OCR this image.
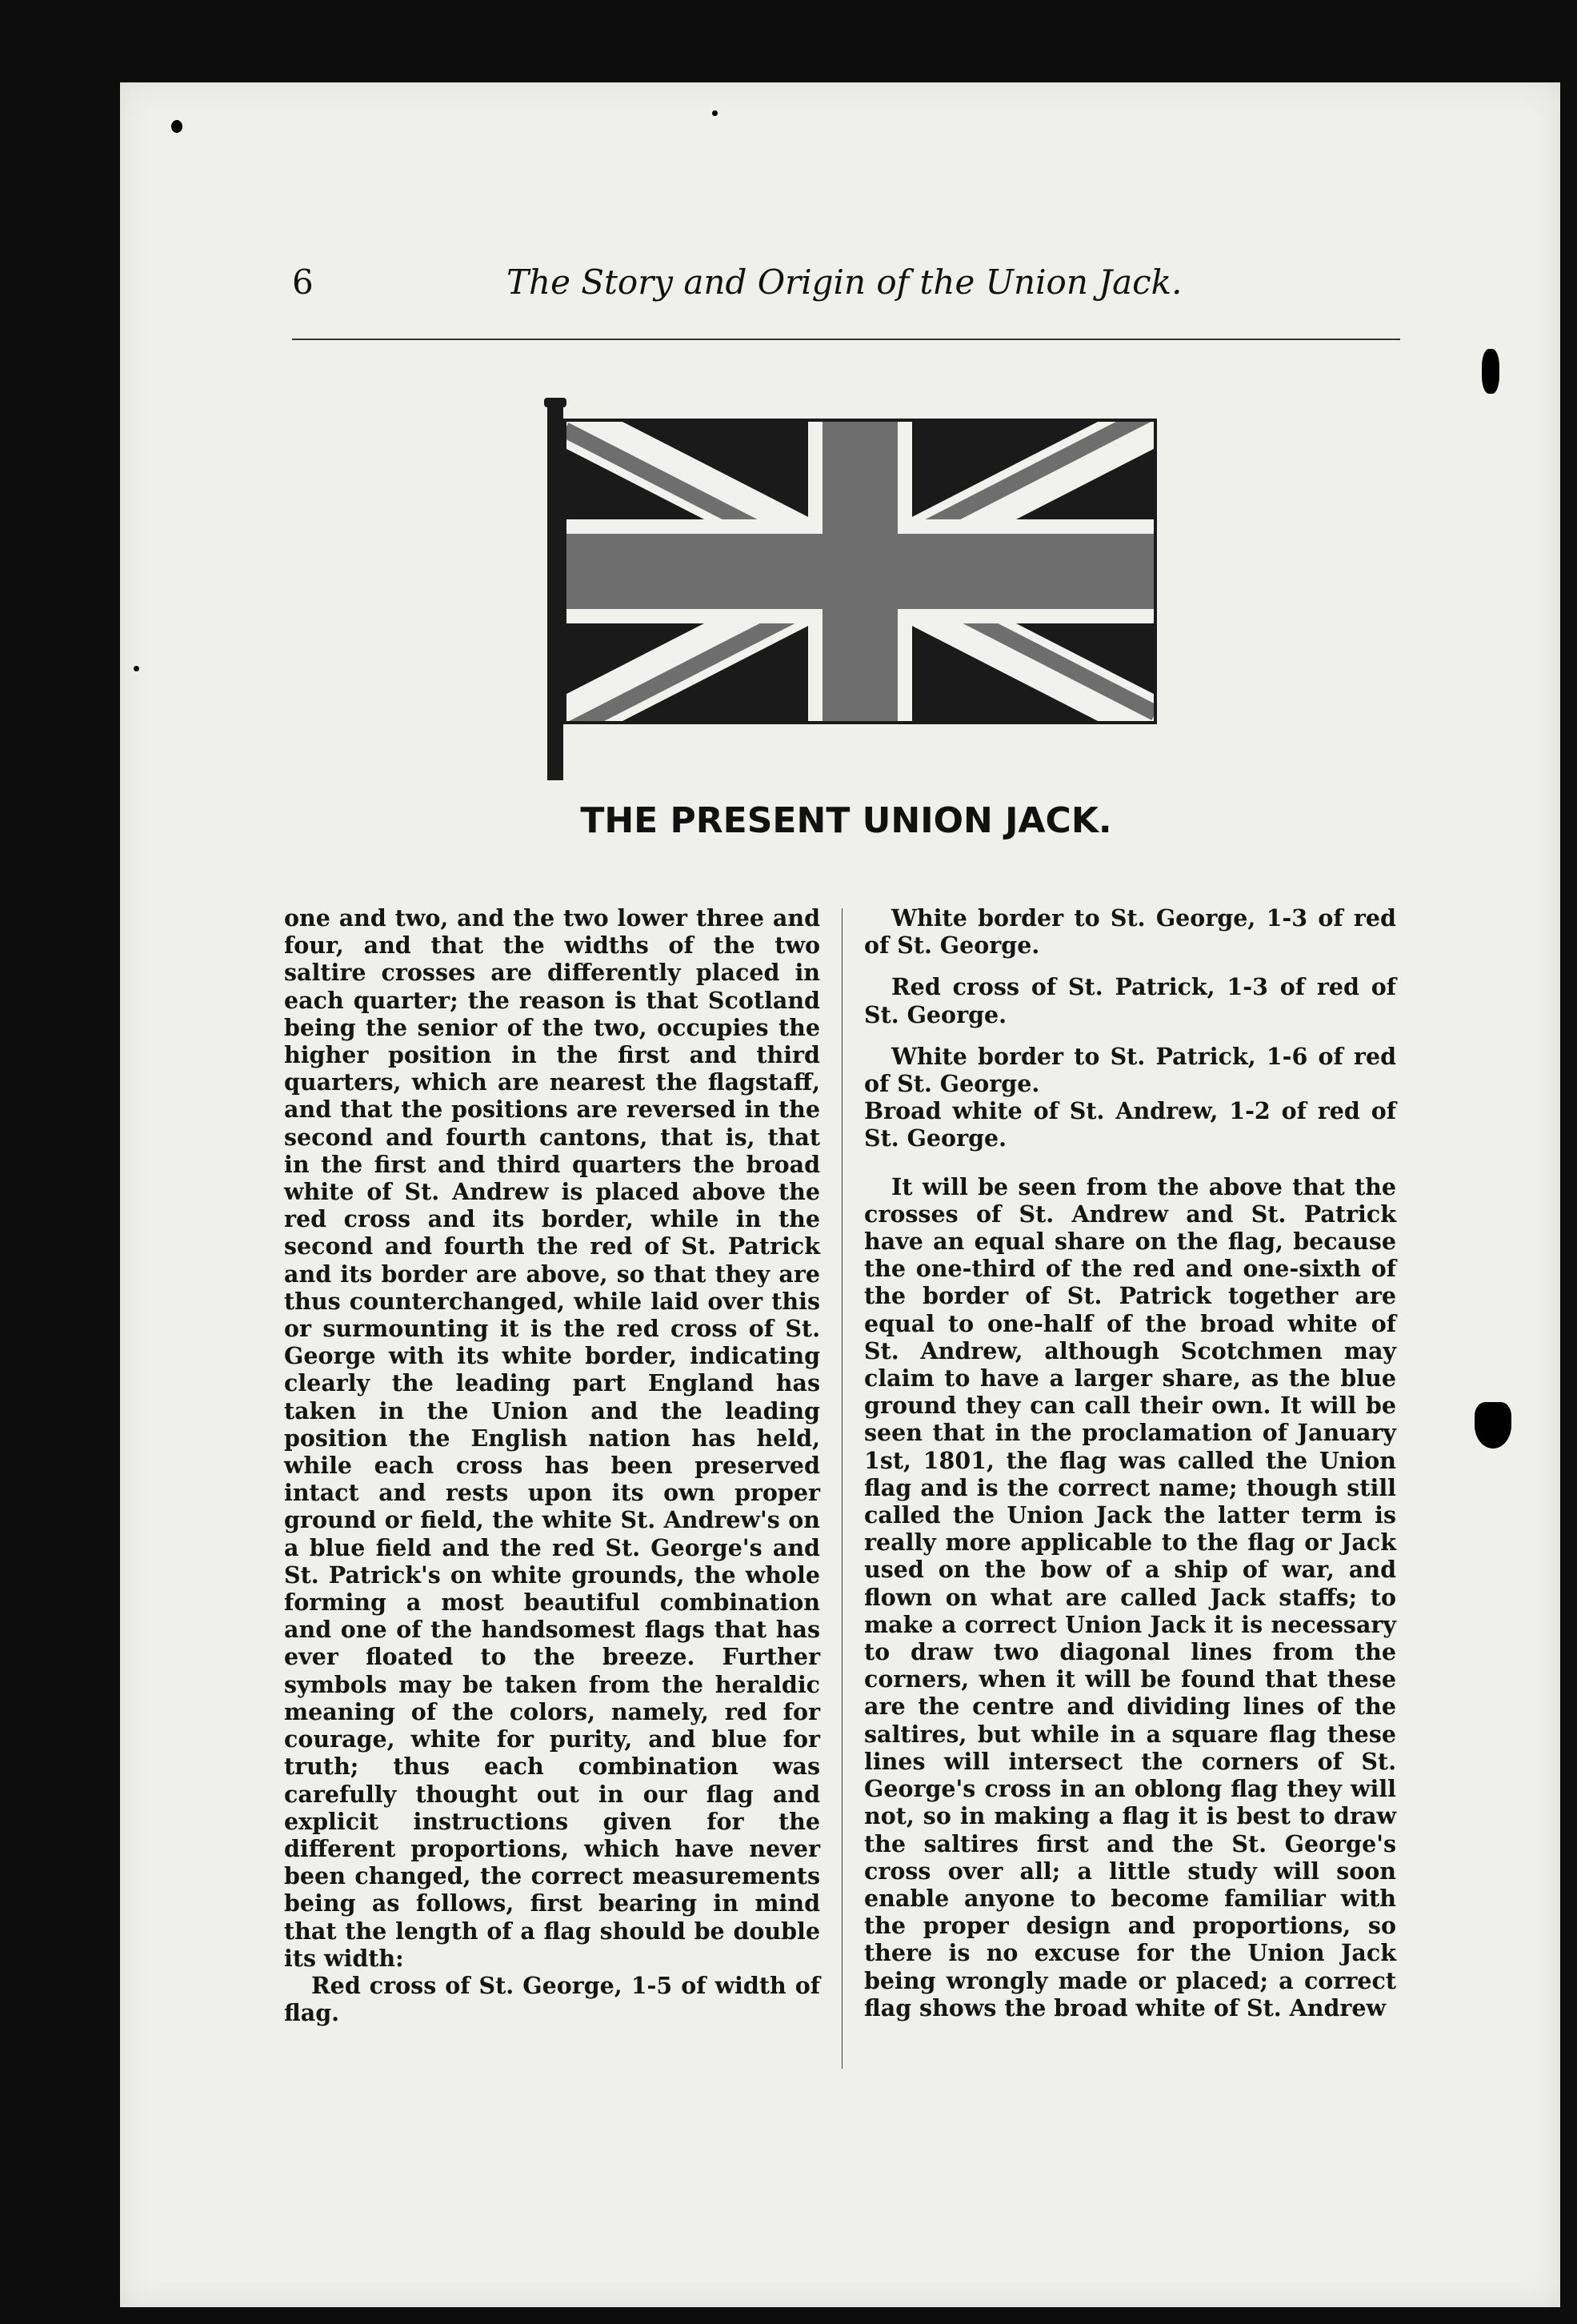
6	The Story and Origin of the Union Jack.
THE PRESENT UNION JACK.

one and two, and the two lower three and four, and that the widths of the two saltire crosses are differently placed in each quarter; the reason is that Scotland being the senior of the two, occupies the higher position in the first and third quarters, which are nearest the flagstaff, and that the positions are reversed in the second and fourth cantons, that is, that in the first and third quarters the broad white of St. Andrew is placed above the red cross and its border, while in the second and fourth the red of St. Patrick and its border are above, so that they are thus counterchanged, while laid over this or surmounting it is the red cross of St. George with its white border, indicating clearly the leading part England has taken in the Union and the leading position the English nation has held, while each cross has been preserved intact and rests upon its own proper ground or field, the white St. Andrew's on a blue field and the red St. George's and St. Patrick's on white grounds, the whole forming a most beautiful combination and one of the handsomest flags that has ever floated to the breeze. Further symbols may be taken from the heraldic meaning of the colors, namely, red for courage, white for purity, and blue for truth; thus each combination was carefully thought out in our flag and explicit instructions given for the different proportions, which have never been changed, the correct measurements being as follows, first bearing in mind that the length of a flag should be double its width:

Red cross of St. George, 1-5 of width of flag.

White border to St. George, 1-3 of red of St. George.

Red cross of St. Patrick, 1-3 of red of St. George.

White border to St. Patrick, 1-6 of red of St. George.

Broad white of St. Andrew, 1-2 of red of St. George.

It will be seen from the above that the crosses of St. Andrew and St. Patrick have an equal share on the flag, because the one-third of the red and one-sixth of the border of St. Patrick together are equal to one-half of the broad white of St. Andrew, although Scotchmen may claim to have a larger share, as the blue ground they can call their own. It will be seen that in the proclamation of January 1st, 1801, the flag was called the Union flag and is the correct name; though still called the Union Jack the latter term is really more applicable to the flag or Jack used on the bow of a ship of war, and flown on what are called Jack staffs; to make a correct Union Jack it is necessary to draw two diagonal lines from the corners, when it will be found that these are the centre and dividing lines of the saltires, but while in a square flag these lines will intersect the corners of St. George's cross in an oblong flag they will not, so in making a flag it is best to draw the saltires first and the St. George's cross over all; a little study will soon enable anyone to become familiar with the proper design and proportions, so there is no excuse for the Union Jack being wrongly made or placed; a correct flag shows the broad white of St. Andrew
